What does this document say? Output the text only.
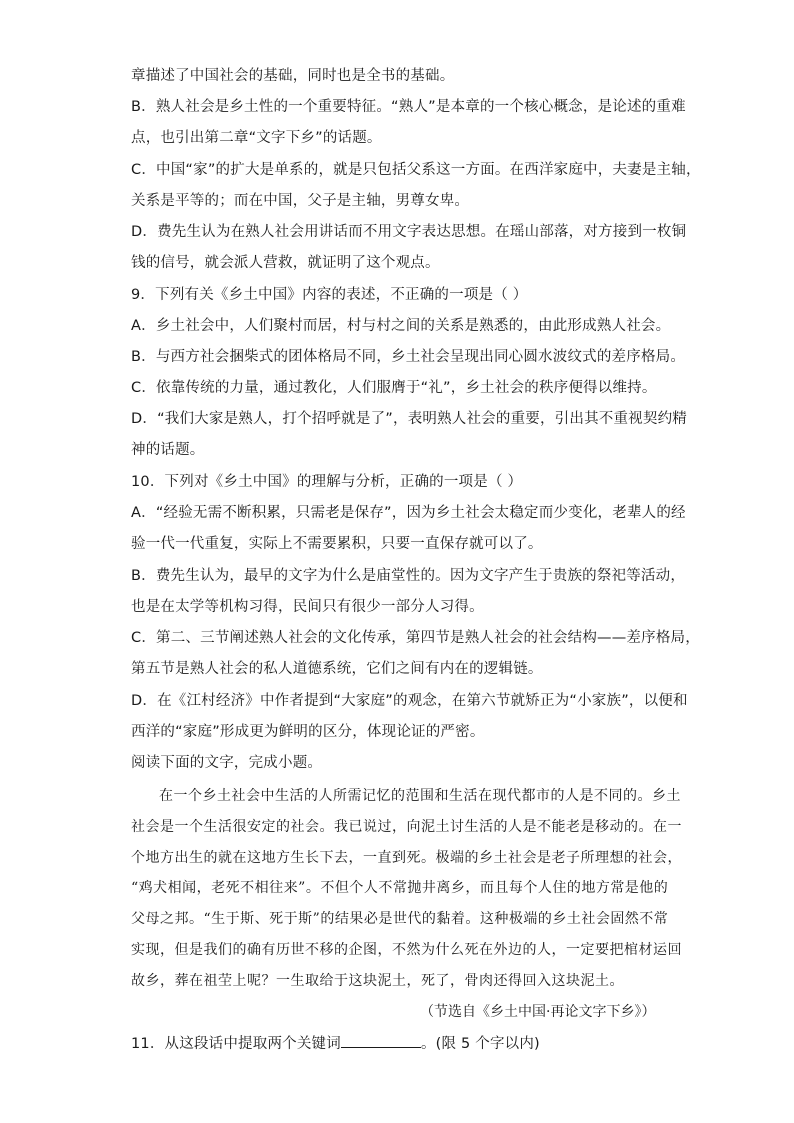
章描述了中国社会的基础，同时也是全书的基础。
B．熟人社会是乡土性的一个重要特征。“熟人”是本章的一个核心概念，是论述的重难
点，也引出第二章“文字下乡”的话题。
C．中国“家”的扩大是单系的，就是只包括父系这一方面。在西洋家庭中，夫妻是主轴，
关系是平等的；而在中国，父子是主轴，男尊女卑。
D．费先生认为在熟人社会用讲话而不用文字表达思想。在瑶山部落，对方接到一枚铜
钱的信号，就会派人营救，就证明了这个观点。
9．下列有关《乡土中国》内容的表述，不正确的一项是（ ）
A．乡土社会中，人们聚村而居，村与村之间的关系是熟悉的，由此形成熟人社会。
B．与西方社会捆柴式的团体格局不同，乡土社会呈现出同心圆水波纹式的差序格局。
C．依靠传统的力量，通过教化，人们服膺于“礼”，乡土社会的秩序便得以维持。
D．“我们大家是熟人，打个招呼就是了”，表明熟人社会的重要，引出其不重视契约精
神的话题。
10．下列对《乡土中国》的理解与分析，正确的一项是（ ）
A．“经验无需不断积累，只需老是保存”，因为乡土社会太稳定而少变化，老辈人的经
验一代一代重复，实际上不需要累积，只要一直保存就可以了。
B．费先生认为，最早的文字为什么是庙堂性的。因为文字产生于贵族的祭祀等活动，
也是在太学等机构习得，民间只有很少一部分人习得。
C．第二、三节阐述熟人社会的文化传承，第四节是熟人社会的社会结构——差序格局，
第五节是熟人社会的私人道德系统，它们之间有内在的逻辑链。
D．在《江村经济》中作者提到“大家庭”的观念，在第六节就矫正为“小家族”，以便和
西洋的“家庭”形成更为鲜明的区分，体现论证的严密。
阅读下面的文字，完成小题。
在一个乡土社会中生活的人所需记忆的范围和生活在现代都市的人是不同的。乡土
社会是一个生活很安定的社会。我已说过，向泥土讨生活的人是不能老是移动的。在一
个地方出生的就在这地方生长下去，一直到死。极端的乡土社会是老子所理想的社会，
“鸡犬相闻，老死不相往来”。不但个人不常抛井离乡，而且每个人住的地方常是他的
父母之邦。“生于斯、死于斯”的结果必是世代的黏着。这种极端的乡土社会固然不常
实现，但是我们的确有历世不移的企图，不然为什么死在外边的人，一定要把棺材运回
故乡，葬在祖茔上呢？一生取给于这块泥土，死了，骨肉还得回入这块泥土。
（节选自《乡土中国·再论文字下乡》）
11．从这段话中提取两个关键词	。(限 5 个字以内)
